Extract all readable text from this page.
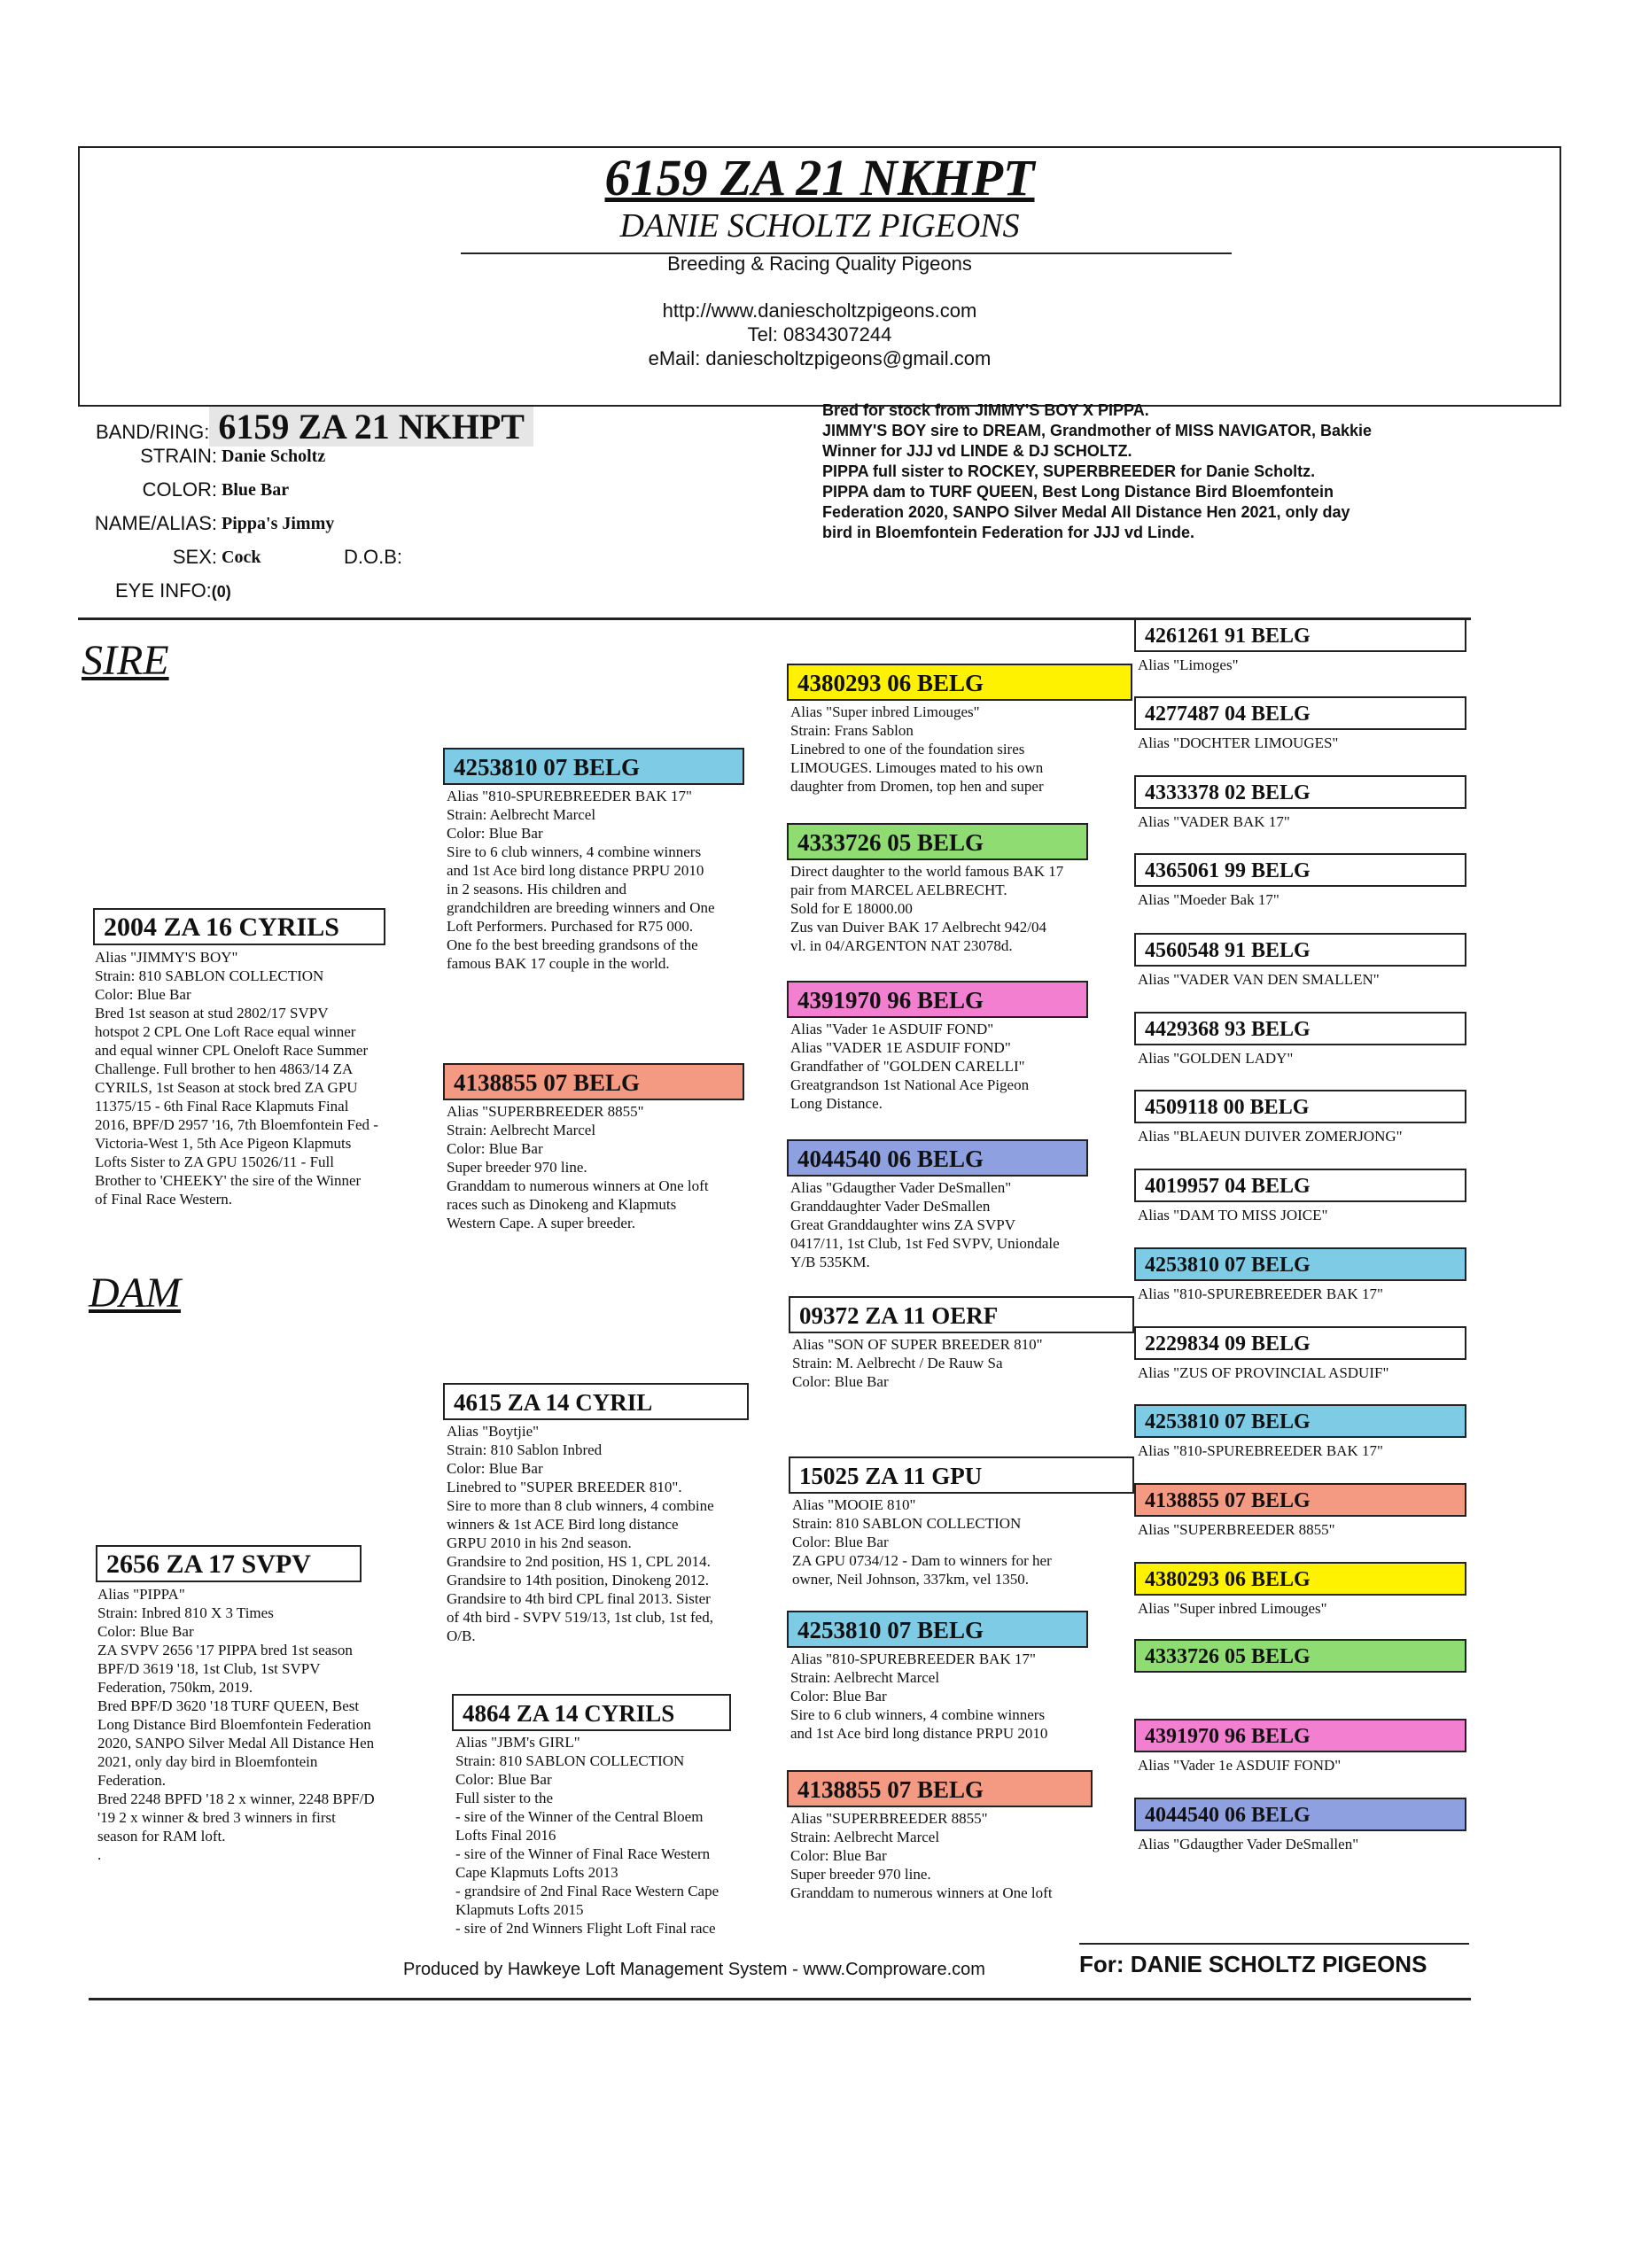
6159 ZA 21 NKHPT
DANIE SCHOLTZ PIGEONS
Breeding & Racing Quality Pigeons
http://www.daniescholtzpigeons.com
Tel: 0834307244
eMail: daniescholtzpigeons@gmail.com
BAND/RING: 6159 ZA 21 NKHPT
STRAIN: Danie Scholtz
COLOR: Blue Bar
NAME/ALIAS: Pippa's Jimmy
SEX: Cock	D.O.B:
EYE INFO:(0)
Bred for stock from JIMMY'S BOY X PIPPA.
JIMMY'S BOY sire to DREAM, Grandmother of MISS NAVIGATOR, Bakkie
Winner for JJJ vd LINDE & DJ SCHOLTZ.
PIPPA full sister to ROCKEY, SUPERBREEDER for Danie Scholtz.
PIPPA dam to TURF QUEEN, Best Long Distance Bird Bloemfontein
Federation 2020, SANPO Silver Medal All Distance Hen 2021, only day
bird in Bloemfontein Federation for JJJ vd Linde.
SIRE
DAM
2004 ZA 16 CYRILS
Alias "JIMMY'S BOY"
Strain: 810 SABLON COLLECTION
Color: Blue Bar
Bred 1st season at stud 2802/17 SVPV
hotspot 2 CPL One Loft Race equal winner
and equal winner CPL Oneloft Race Summer
Challenge. Full brother to hen 4863/14 ZA
CYRILS, 1st Season at stock bred ZA GPU
11375/15 - 6th Final Race Klapmuts Final
2016, BPF/D 2957 '16, 7th Bloemfontein Fed -
Victoria-West 1, 5th Ace Pigeon Klapmuts
Lofts Sister to ZA GPU 15026/11 - Full
Brother to 'CHEEKY' the sire of the Winner
of Final Race Western.
2656 ZA 17 SVPV
Alias "PIPPA"
Strain: Inbred 810 X 3 Times
Color: Blue Bar
ZA SVPV 2656 '17 PIPPA bred 1st season
BPF/D 3619 '18, 1st Club, 1st SVPV
Federation, 750km, 2019.
Bred BPF/D 3620 '18 TURF QUEEN, Best
Long Distance Bird Bloemfontein Federation
2020, SANPO Silver Medal All Distance Hen
2021, only day bird in Bloemfontein
Federation.
Bred 2248 BPFD '18 2 x winner, 2248 BPF/D
'19 2 x winner & bred 3 winners in first
season for RAM loft.
.
4253810 07 BELG
Alias "810-SPUREBREEDER BAK 17"
Strain: Aelbrecht Marcel
Color: Blue Bar
Sire to 6 club winners, 4 combine winners
and 1st Ace bird long distance PRPU 2010
in 2 seasons. His children and
grandchildren are breeding winners and One
Loft Performers. Purchased for R75 000.
One fo the best breeding grandsons of the
famous BAK 17 couple in the world.
4138855 07 BELG
Alias "SUPERBREEDER 8855"
Strain: Aelbrecht Marcel
Color: Blue Bar
Super breeder 970 line.
Granddam to numerous winners at One loft
races such as Dinokeng and Klapmuts
Western Cape. A super breeder.
4615 ZA 14 CYRIL
Alias "Boytjie"
Strain: 810 Sablon Inbred
Color: Blue Bar
Linebred to "SUPER BREEDER 810".
Sire to more than 8 club winners, 4 combine
winners & 1st ACE Bird long distance
GRPU 2010 in his 2nd season.
Grandsire to 2nd position, HS 1, CPL 2014.
Grandsire to 14th position, Dinokeng 2012.
Grandsire to 4th bird CPL final 2013. Sister
of 4th bird - SVPV 519/13, 1st club, 1st fed,
O/B.
4864 ZA 14 CYRILS
Alias "JBM's GIRL"
Strain: 810 SABLON COLLECTION
Color: Blue Bar
Full sister to the
- sire of the Winner of the Central Bloem
Lofts Final 2016
- sire of the Winner of Final Race Western
Cape Klapmuts Lofts 2013
- grandsire of 2nd Final Race Western Cape
Klapmuts Lofts 2015
- sire of 2nd Winners Flight Loft Final race
4380293 06 BELG
Alias "Super inbred Limouges"
Strain: Frans Sablon
Linebred to one of the foundation sires
LIMOUGES. Limouges mated to his own
daughter from Dromen, top hen and super
4333726 05 BELG
Direct daughter to the world famous BAK 17
pair from MARCEL AELBRECHT.
Sold for E 18000.00
Zus van Duiver BAK 17 Aelbrecht 942/04
vl. in 04/ARGENTON NAT 23078d.
4391970 96 BELG
Alias "Vader 1e ASDUIF FOND"
Alias "VADER 1E ASDUIF FOND"
Grandfather of "GOLDEN CARELLI"
Greatgrandson 1st National Ace Pigeon
Long Distance.
4044540 06 BELG
Alias "Gdaugther Vader DeSmallen"
Granddaughter Vader DeSmallen
Great Granddaughter wins ZA SVPV
0417/11, 1st Club, 1st Fed SVPV, Uniondale
Y/B 535KM.
09372 ZA 11 OERF
Alias "SON OF SUPER BREEDER 810"
Strain: M. Aelbrecht / De Rauw Sa
Color: Blue Bar
15025 ZA 11 GPU
Alias "MOOIE 810"
Strain: 810 SABLON COLLECTION
Color: Blue Bar
ZA GPU 0734/12 - Dam to winners for her
owner, Neil Johnson, 337km, vel 1350.
4253810 07 BELG
Alias "810-SPUREBREEDER BAK 17"
Strain: Aelbrecht Marcel
Color: Blue Bar
Sire to 6 club winners, 4 combine winners
and 1st Ace bird long distance PRPU 2010
4138855 07 BELG
Alias "SUPERBREEDER 8855"
Strain: Aelbrecht Marcel
Color: Blue Bar
Super breeder 970 line.
Granddam to numerous winners at One loft
4261261 91 BELG
Alias "Limoges"
4277487 04 BELG
Alias "DOCHTER LIMOUGES"
4333378 02 BELG
Alias "VADER BAK 17"
4365061 99 BELG
Alias "Moeder Bak 17"
4560548 91 BELG
Alias "VADER VAN DEN SMALLEN"
4429368 93 BELG
Alias "GOLDEN LADY"
4509118 00 BELG
Alias "BLAEUN DUIVER ZOMERJONG"
4019957 04 BELG
Alias "DAM TO MISS JOICE"
4253810 07 BELG
Alias "810-SPUREBREEDER BAK 17"
2229834 09 BELG
Alias "ZUS OF PROVINCIAL ASDUIF"
4253810 07 BELG
Alias "810-SPUREBREEDER BAK 17"
4138855 07 BELG
Alias "SUPERBREEDER 8855"
4380293 06 BELG
Alias "Super inbred Limouges"
4333726 05 BELG
4391970 96 BELG
Alias "Vader 1e ASDUIF FOND"
4044540 06 BELG
Alias "Gdaugther Vader DeSmallen"
Produced by Hawkeye Loft Management System - www.Comproware.com	For: DANIE SCHOLTZ PIGEONS
